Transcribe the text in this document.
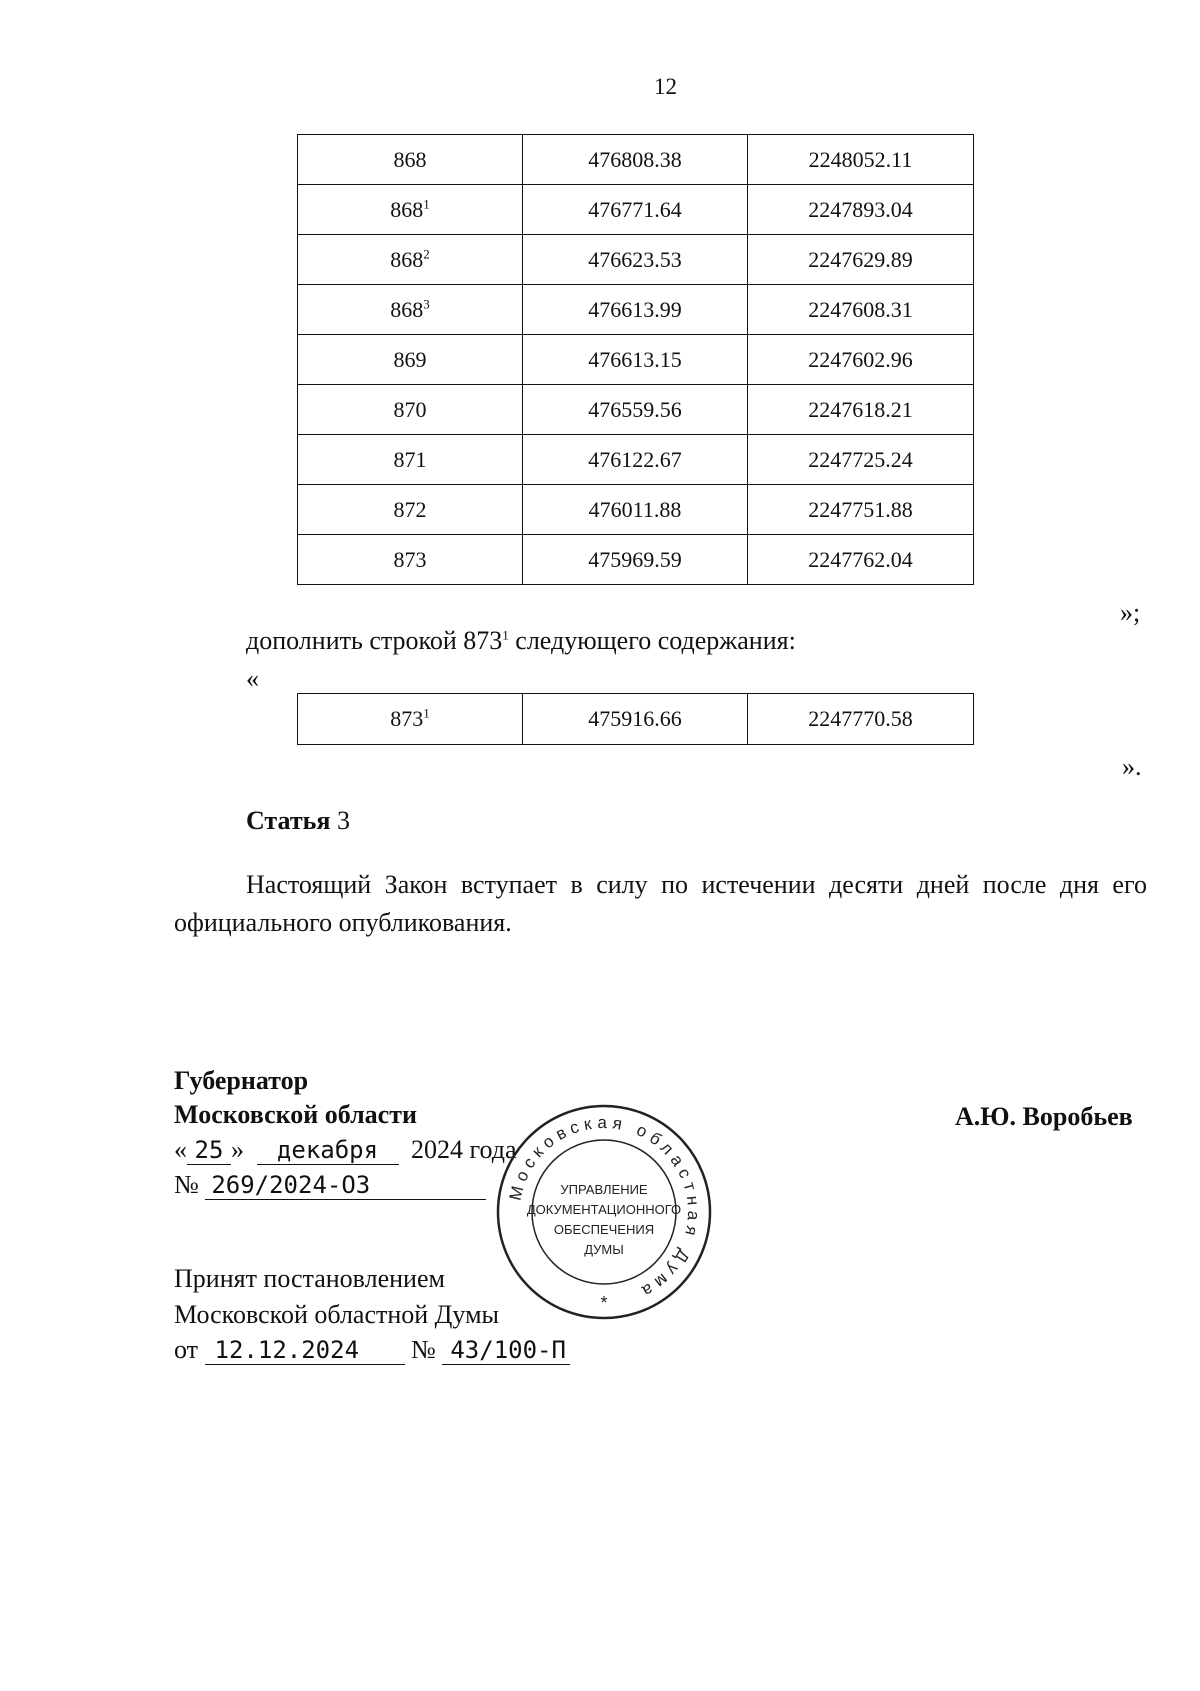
12
868	476808.38	2248052.11
$868^1$	476771.64	2247893.04
$868^2$	476623.53	2247629.89
$868^3$	476613.99	2247608.31
869	476613.15	2247602.96
870	476559.56	2247618.21
871	476122.67	2247725.24
872	476011.88	2247751.88
873	475969.59	2247762.04
»;
дополнить строкой $873^1$ следующего содержания:
«
$873^1$	475916.66	2247770.58
».
Статья 3
Настоящий Закон вступает в силу по истечении десяти дней после дня его официального опубликования.
Губернатор
Московской области	А.Ю. Воробьев
« 25 » декабря 2024 года
№ 269/2024-ОЗ	Московская областная Дума
УПРАВЛЕНИЕ
ДОКУМЕНТАЦИОННОГО
ОБЕСПЕЧЕНИЯ
ДУМЫ
*
Принят постановлением
Московской областной Думы
от 12.12.2024 № 43/100-П
